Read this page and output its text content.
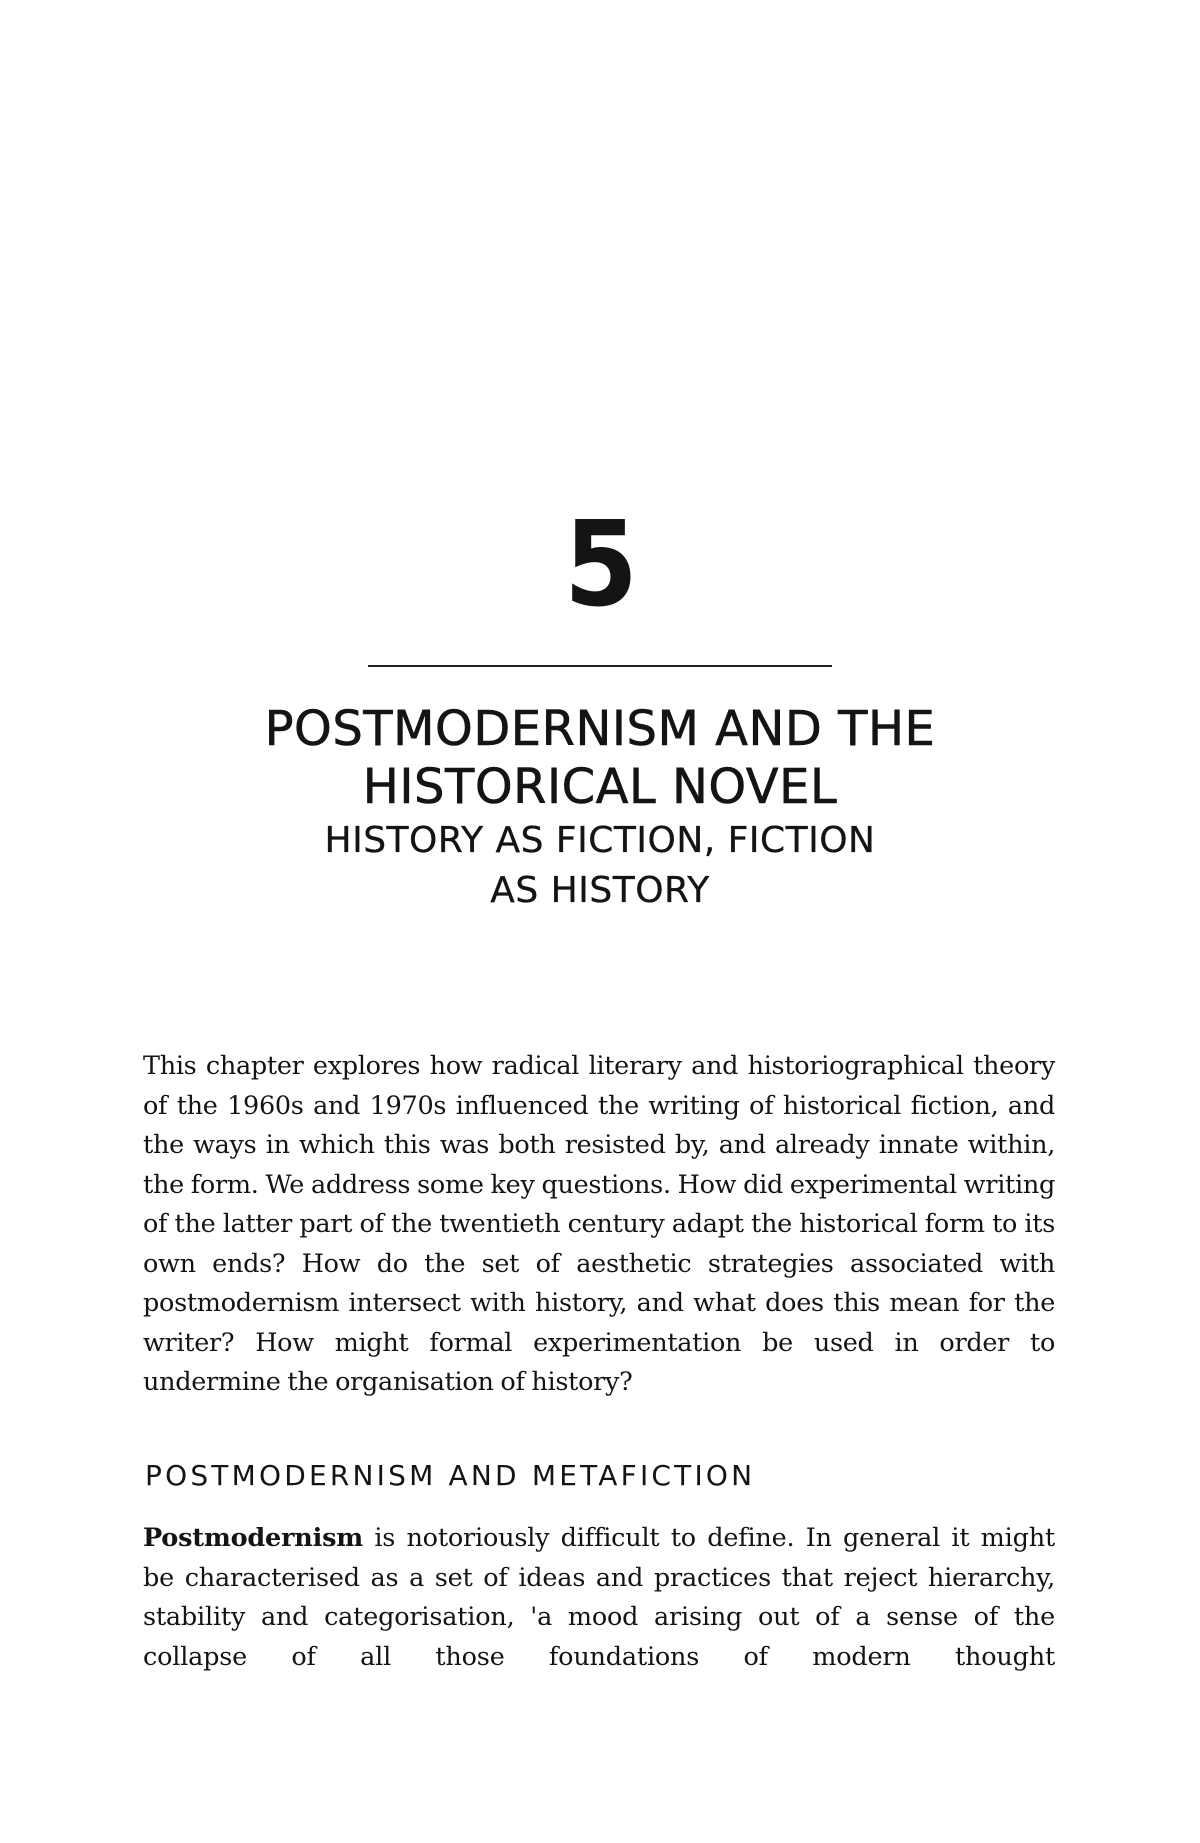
5
POSTMODERNISM AND THE
HISTORICAL NOVEL
HISTORY AS FICTION, FICTION
AS HISTORY

This chapter explores how radical literary and historiographical theory of the 1960s and 1970s influenced the writing of historical fiction, and the ways in which this was both resisted by, and already innate within, the form. We address some key questions. How did experimental writing of the latter part of the twentieth century adapt the historical form to its own ends? How do the set of aesthetic strategies associated with postmodernism intersect with history, and what does this mean for the writer? How might formal experimentation be used in order to undermine the organisation of history?

POSTMODERNISM AND METAFICTION

Postmodernism is notoriously difficult to define. In general it might be characterised as a set of ideas and practices that reject hierarchy, stability and categorisation, 'a mood arising out of a sense of the collapse of all those foundations of modern thought
